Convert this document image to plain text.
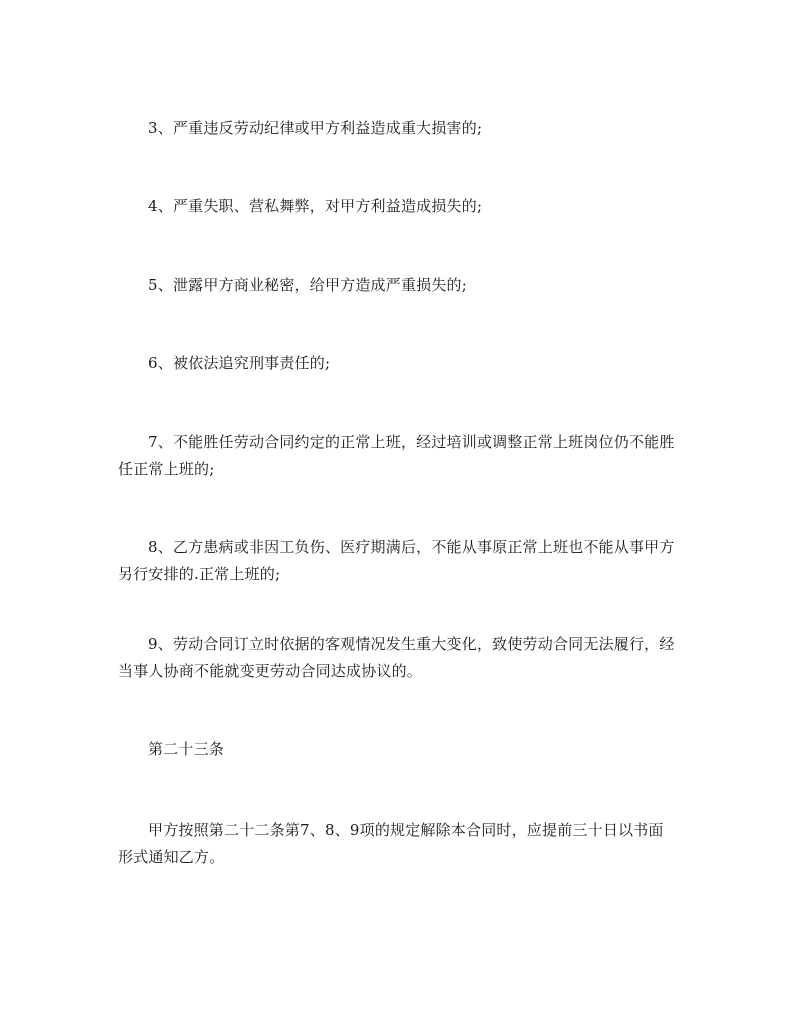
3、严重违反劳动纪律或甲方利益造成重大损害的;

4、严重失职、营私舞弊，对甲方利益造成损失的;

5、泄露甲方商业秘密，给甲方造成严重损失的;

6、被依法追究刑事责任的;

7、不能胜任劳动合同约定的正常上班，经过培训或调整正常上班岗位仍不能胜任正常上班的;

8、乙方患病或非因工负伤、医疗期满后，不能从事原正常上班也不能从事甲方另行安排的.正常上班的;

9、劳动合同订立时依据的客观情况发生重大变化，致使劳动合同无法履行，经当事人协商不能就变更劳动合同达成协议的。

第二十三条

甲方按照第二十二条第7、8、9项的规定解除本合同时，应提前三十日以书面形式通知乙方。
